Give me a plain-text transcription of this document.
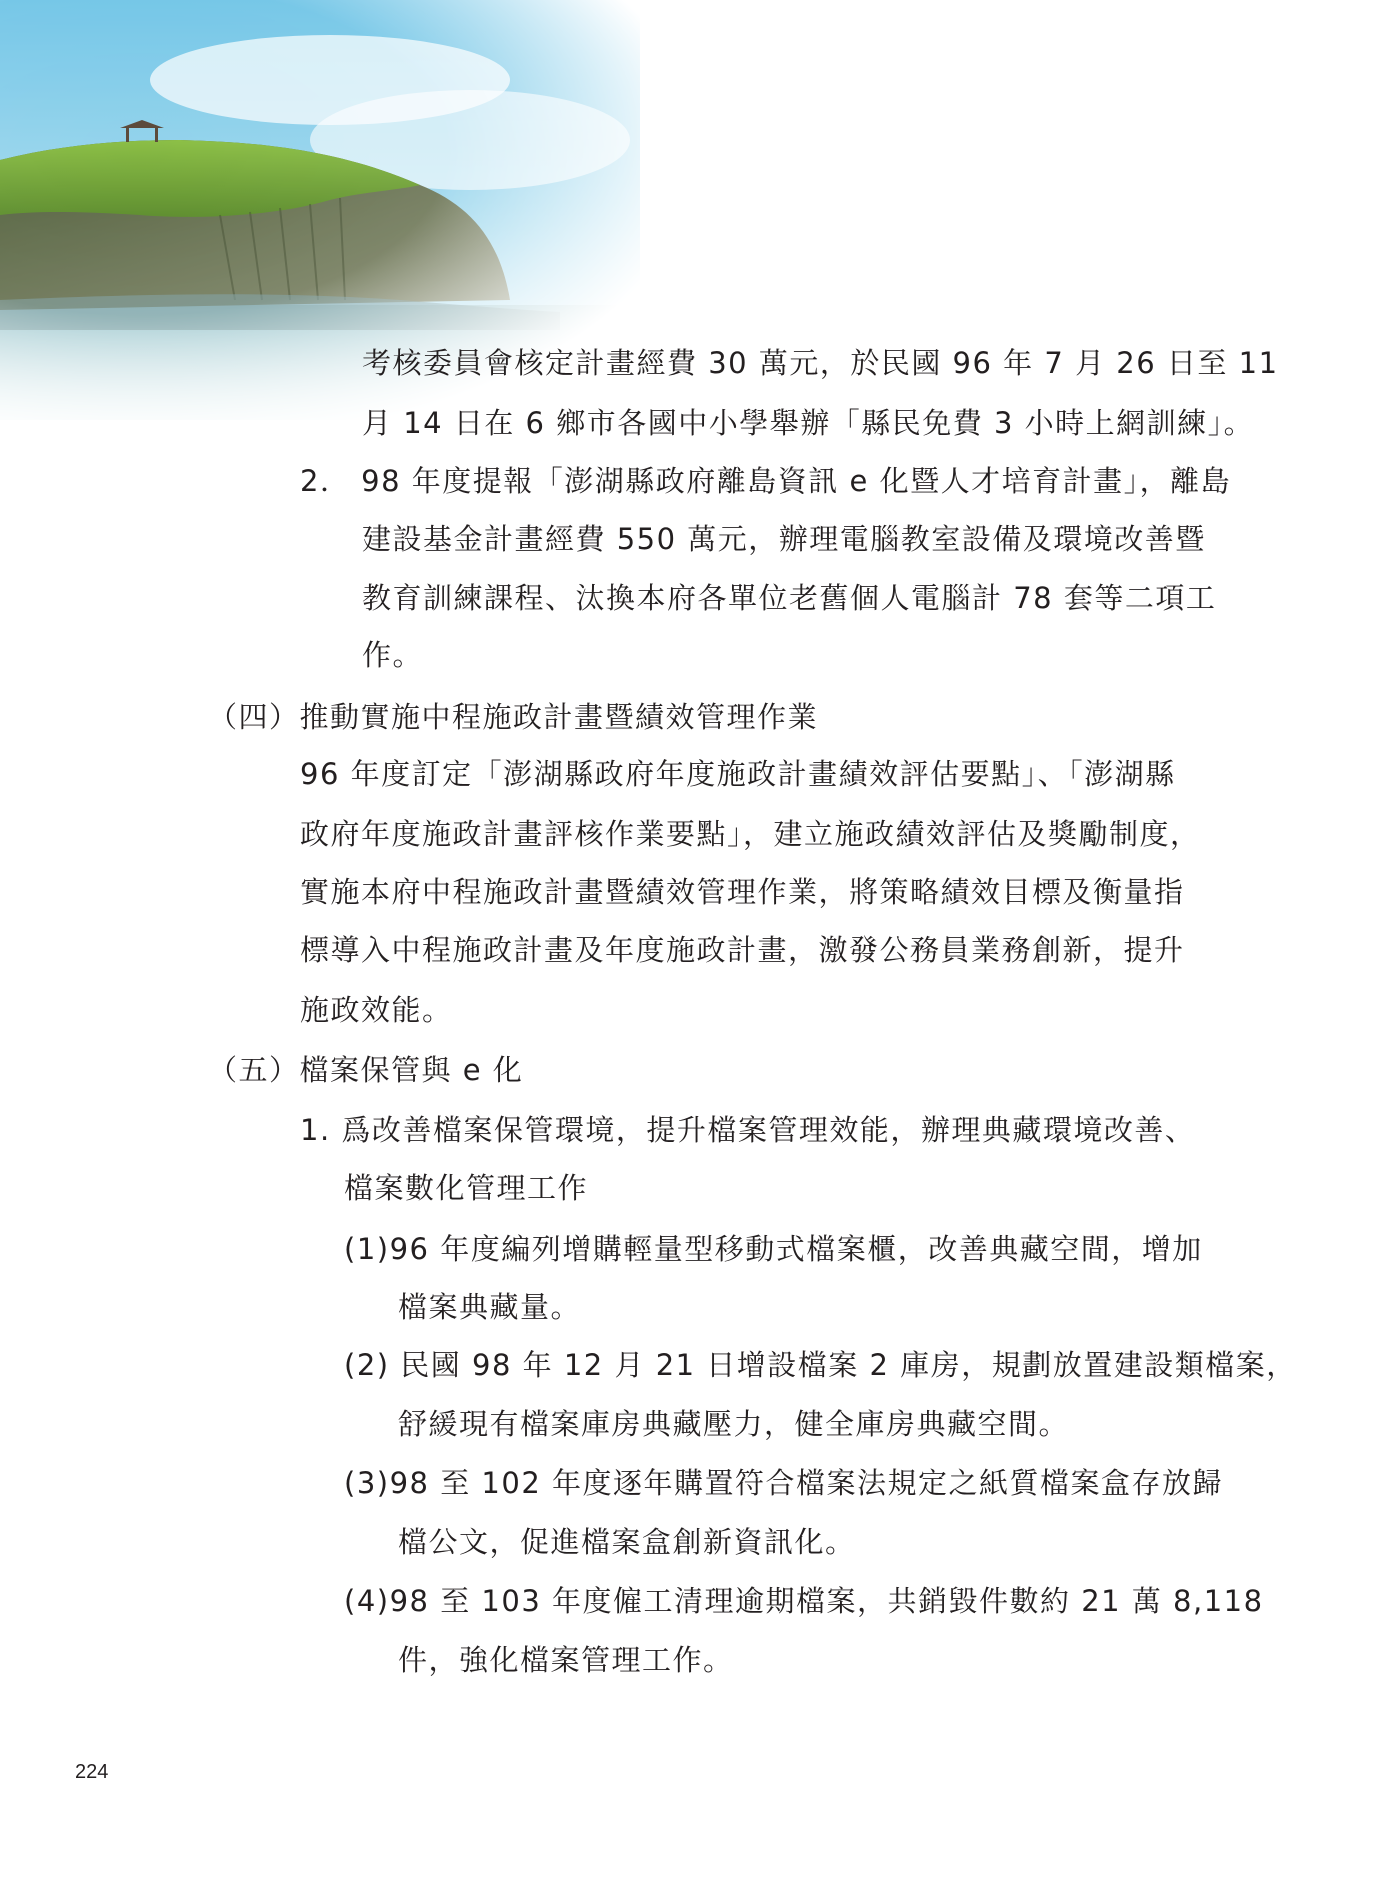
考核委員會核定計畫經費 30 萬元，於民國 96 年 7 月 26 日至 11
月 14 日在 6 鄉市各國中小學舉辦「縣民免費 3 小時上網訓練」。
2． 98 年度提報「澎湖縣政府離島資訊 e 化暨人才培育計畫」，離島
建設基金計畫經費 550 萬元，辦理電腦教室設備及環境改善暨
教育訓練課程、汰換本府各單位老舊個人電腦計 78 套等二項工
作。
（四）推動實施中程施政計畫暨績效管理作業
96 年度訂定「澎湖縣政府年度施政計畫績效評估要點」、「澎湖縣
政府年度施政計畫評核作業要點」，建立施政績效評估及獎勵制度，
實施本府中程施政計畫暨績效管理作業，將策略績效目標及衡量指
標導入中程施政計畫及年度施政計畫，激發公務員業務創新，提升
施政效能。
（五）檔案保管與 e 化
1. 爲改善檔案保管環境，提升檔案管理效能，辦理典藏環境改善、
檔案數化管理工作
(1)96 年度編列增購輕量型移動式檔案櫃，改善典藏空間，增加
檔案典藏量。
(2) 民國 98 年 12 月 21 日增設檔案 2 庫房，規劃放置建設類檔案，
舒緩現有檔案庫房典藏壓力，健全庫房典藏空間。
(3)98 至 102 年度逐年購置符合檔案法規定之紙質檔案盒存放歸
檔公文，促進檔案盒創新資訊化。
(4)98 至 103 年度僱工清理逾期檔案，共銷毀件數約 21 萬 8,118
件，強化檔案管理工作。
224
